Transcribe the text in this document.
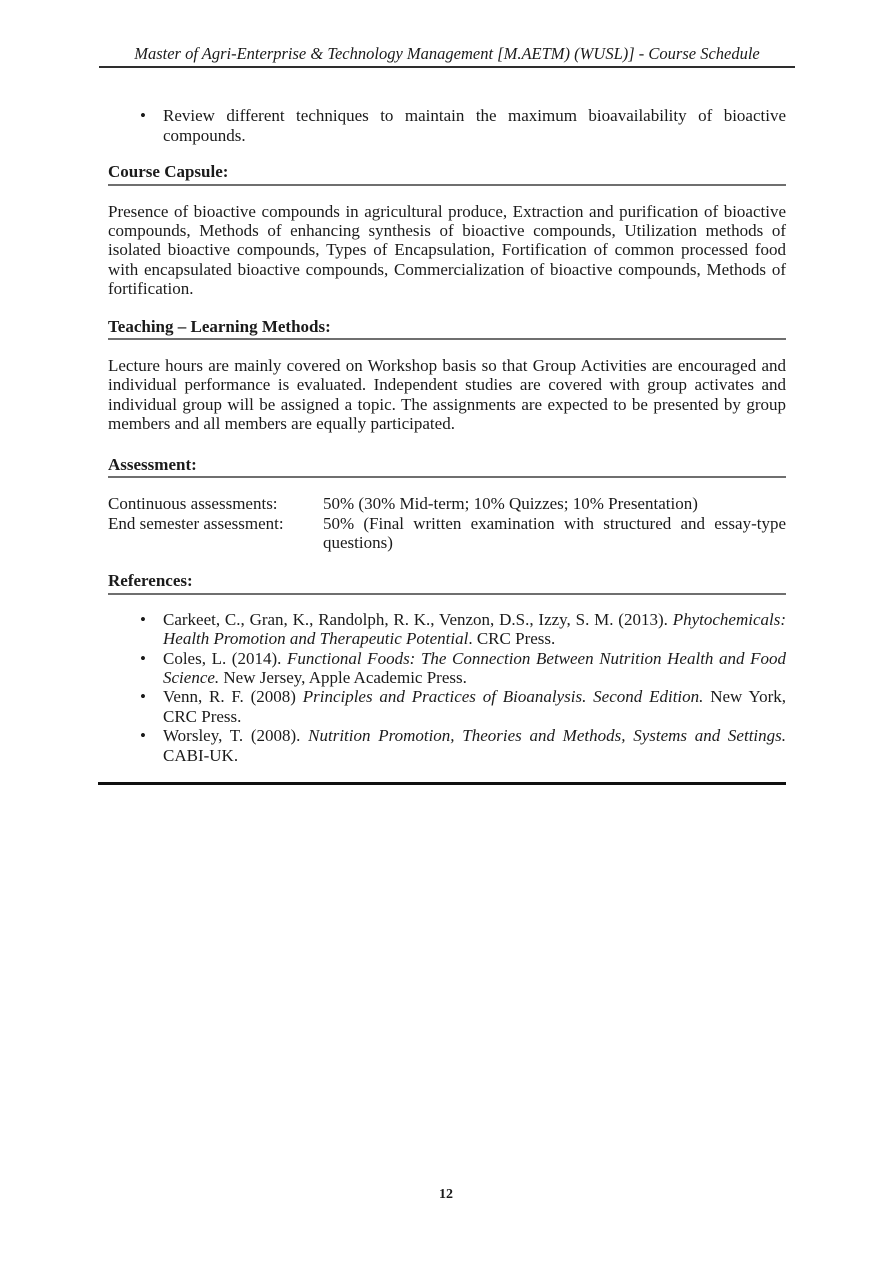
Master of Agri-Enterprise & Technology Management [M.AETM) (WUSL)] - Course Schedule
• Review different techniques to maintain the maximum bioavailability of bioactive compounds.
Course Capsule:

Presence of bioactive compounds in agricultural produce, Extraction and purification of bioactive compounds, Methods of enhancing synthesis of bioactive compounds, Utilization methods of isolated bioactive compounds, Types of Encapsulation, Fortification of common processed food with encapsulated bioactive compounds, Commercialization of bioactive compounds, Methods of fortification.

Teaching – Learning Methods:

Lecture hours are mainly covered on Workshop basis so that Group Activities are encouraged and individual performance is evaluated. Independent studies are covered with group activates and individual group will be assigned a topic. The assignments are expected to be presented by group members and all members are equally participated.

Assessment:
Continuous assessments:	50% (30% Mid-term; 10% Quizzes; 10% Presentation)
End semester assessment:	50% (Final written examination with structured and essay-type questions)
References:
• Carkeet, C., Gran, K., Randolph, R. K., Venzon, D.S., Izzy, S. M. (2013). Phytochemicals: Health Promotion and Therapeutic Potential. CRC Press.
• Coles, L. (2014). Functional Foods: The Connection Between Nutrition Health and Food Science. New Jersey, Apple Academic Press.
• Venn, R. F. (2008) Principles and Practices of Bioanalysis. Second Edition. New York, CRC Press.
• Worsley, T. (2008). Nutrition Promotion, Theories and Methods, Systems and Settings. CABI-UK.
12
